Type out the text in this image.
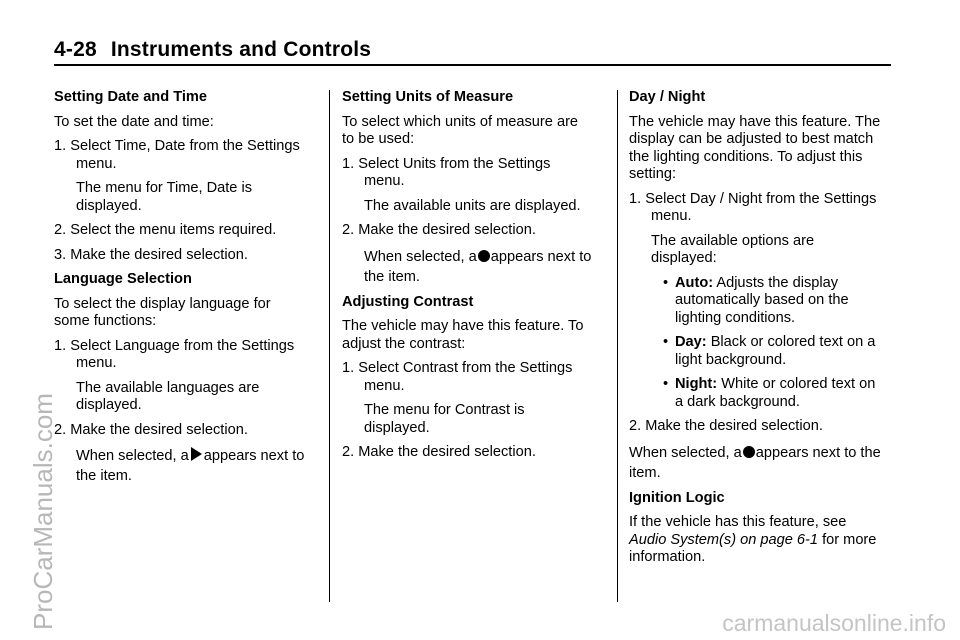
4-28 Instruments and Controls
ProCarManuals.com	carmanualsonline.info
Setting Date and Time

To set the date and time:

1. Select Time, Date from the Settings menu.

The menu for Time, Date is displayed.

2. Select the menu items required.

3. Make the desired selection.

Language Selection

To select the display language for some functions:

1. Select Language from the Settings menu.

The available languages are displayed.

2. Make the desired selection.

When selected, a appears next to the item.

Setting Units of Measure

To select which units of measure are to be used:

1. Select Units from the Settings menu.

The available units are displayed.

2. Make the desired selection.

When selected, a appears next to the item.

Adjusting Contrast

The vehicle may have this feature. To adjust the contrast:

1. Select Contrast from the Settings menu.

The menu for Contrast is displayed.

2. Make the desired selection.

Day / Night

The vehicle may have this feature. The display can be adjusted to best match the lighting conditions. To adjust this setting:

1. Select Day / Night from the Settings menu.

The available options are displayed:

• Auto: Adjusts the display automatically based on the lighting conditions.

• Day: Black or colored text on a light background.

• Night: White or colored text on a dark background.

2. Make the desired selection.

When selected, a appears next to the item.

Ignition Logic

If the vehicle has this feature, see Audio System(s) on page 6-1 for more information.
